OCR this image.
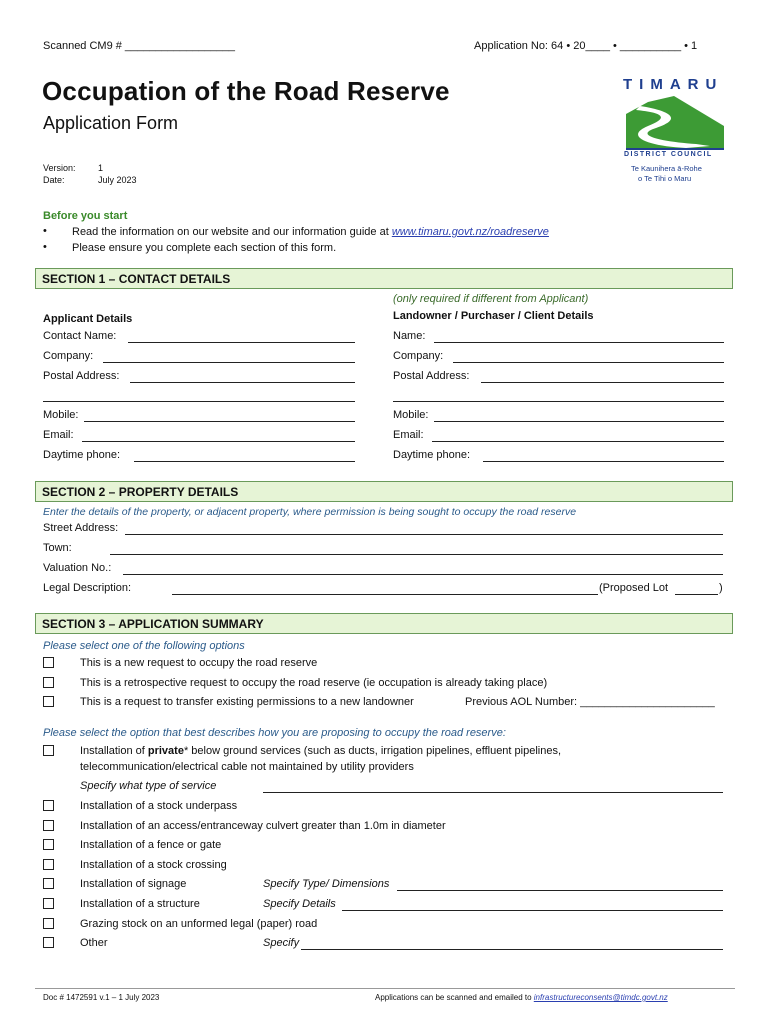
Scanned CM9 # __________________	Application No: 64 • 20____ • __________ • 1
Occupation of the Road Reserve
Application Form
Version: 1
Date:	July 2023
TIMARU
DISTRICT COUNCIL
Te Kaunihera ā-Rohe
o Te Tihi o Maru
Before you start
• Read the information on our website and our information guide at www.timaru.govt.nz/roadreserve
• Please ensure you complete each section of this form.
SECTION 1 – CONTACT DETAILS
(only required if different from Applicant)
Applicant Details	Landowner / Purchaser / Client Details
Contact Name:
Company:
Postal Address:
Mobile:
Email:
Daytime phone:
Name:
Company:
Postal Address:
Mobile:
Email:
Daytime phone:
SECTION 2 – PROPERTY DETAILS
Enter the details of the property, or adjacent property, where permission is being sought to occupy the road reserve
Street Address:
Town:
Valuation No.:
Legal Description:	(Proposed Lot	)
SECTION 3 – APPLICATION SUMMARY
Please select one of the following options
This is a new request to occupy the road reserve
This is a retrospective request to occupy the road reserve (ie occupation is already taking place)
This is a request to transfer existing permissions to a new landowner	Previous AOL Number: ______________________
Please select the option that best describes how you are proposing to occupy the road reserve:
Installation of private* below ground services (such as ducts, irrigation pipelines, effluent pipelines,
telecommunication/electrical cable not maintained by utility providers
Specify what type of service
Installation of a stock underpass
Installation of an access/entranceway culvert greater than 1.0m in diameter
Installation of a fence or gate
Installation of a stock crossing
Installation of signage	Specify Type/ Dimensions
Installation of a structure	Specify Details
Grazing stock on an unformed legal (paper) road
Other	Specify
Doc # 1472591 v.1 – 1 July 2023	Applications can be scanned and emailed to infrastructureconsents@timdc.govt.nz
